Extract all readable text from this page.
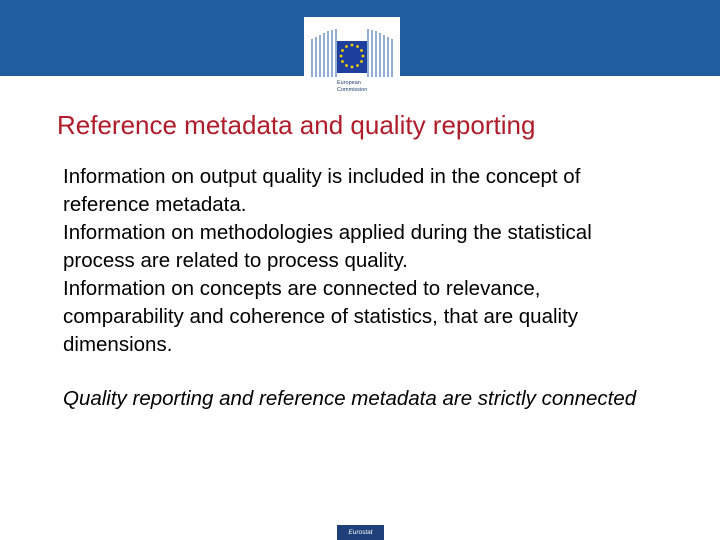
European
Commission
Reference metadata and quality reporting

Information on output quality is included in the concept of reference metadata.

Information on methodologies applied during the statistical process are related to process quality.

Information on concepts are connected to relevance, comparability and coherence of statistics, that are quality dimensions.

Quality reporting and reference metadata are strictly connected

Eurostat
